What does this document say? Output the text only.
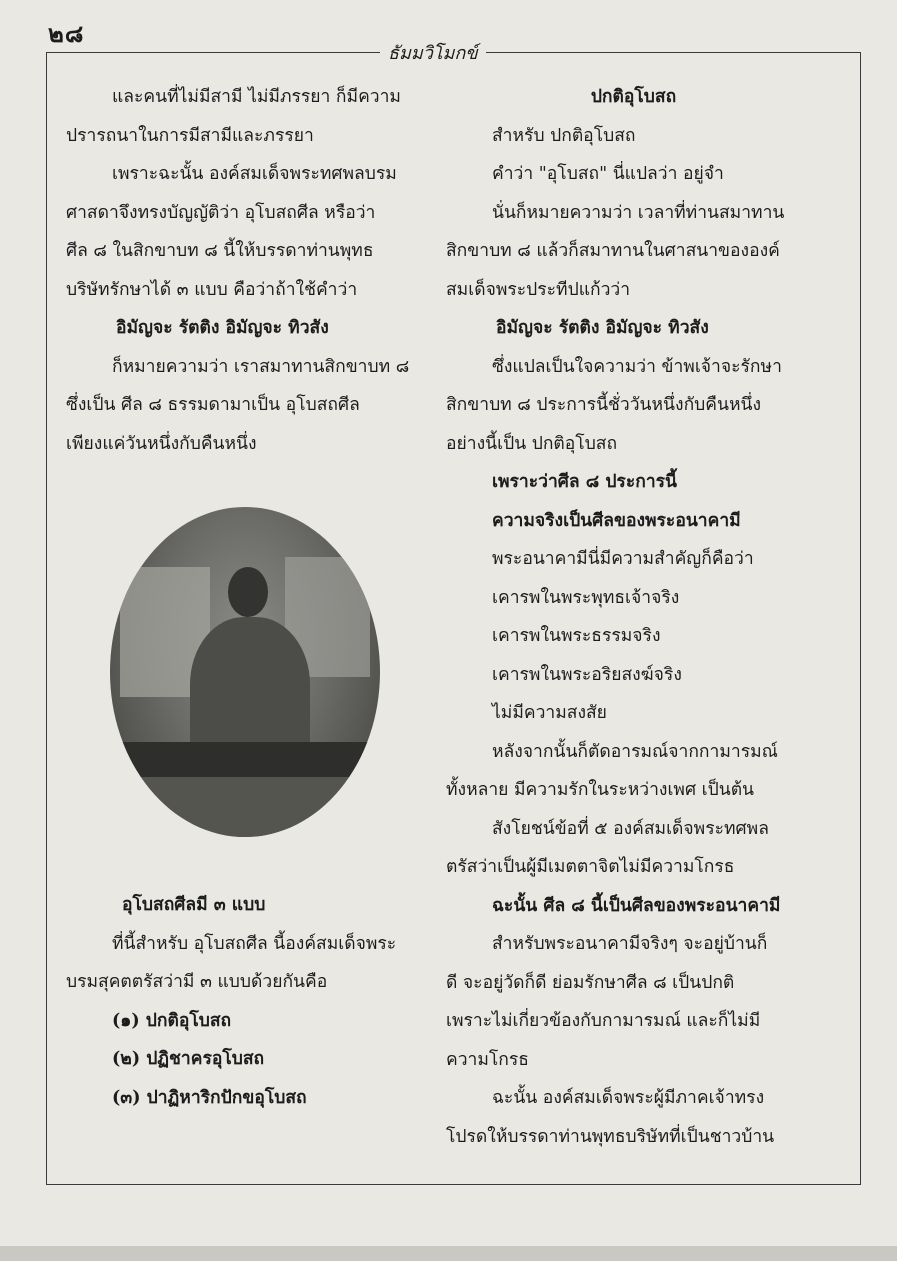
๒๘
ธัมมวิโมกข์
และคนที่ไม่มีสามี ไม่มีภรรยา ก็มีความ
ปรารถนาในการมีสามีและภรรยา
เพราะฉะนั้น องค์สมเด็จพระทศพลบรม
ศาสดาจึงทรงบัญญัติว่า อุโบสถศีล หรือว่า
ศีล ๘ ในสิกขาบท ๘ นี้ให้บรรดาท่านพุทธ
บริษัทรักษาได้ ๓ แบบ คือว่าถ้าใช้คำว่า
อิมัญจะ รัตติง อิมัญจะ ทิวสัง
ก็หมายความว่า เราสมาทานสิกขาบท ๘
ซึ่งเป็น ศีล ๘ ธรรมดามาเป็น อุโบสถศีล
เพียงแค่วันหนึ่งกับคืนหนึ่ง
อุโบสถศีลมี ๓ แบบ
ที่นี้สำหรับ อุโบสถศีล นี้องค์สมเด็จพระ
บรมสุคตตรัสว่ามี ๓ แบบด้วยกันคือ
(๑) ปกติอุโบสถ
(๒) ปฏิชาครอุโบสถ
(๓) ปาฏิหาริกปักขอุโบสถ
ปกติอุโบสถ
สำหรับ ปกติอุโบสถ
คำว่า "อุโบสถ" นี่แปลว่า อยู่จำ
นั่นก็หมายความว่า เวลาที่ท่านสมาทาน
สิกขาบท ๘ แล้วก็สมาทานในศาสนาขององค์
สมเด็จพระประทีปแก้วว่า
อิมัญจะ รัตติง อิมัญจะ ทิวสัง
ซึ่งแปลเป็นใจความว่า ข้าพเจ้าจะรักษา
สิกขาบท ๘ ประการนี้ชั่ววันหนึ่งกับคืนหนึ่ง
อย่างนี้เป็น ปกติอุโบสถ
เพราะว่าศีล ๘ ประการนี้
ความจริงเป็นศีลของพระอนาคามี
พระอนาคามีนี่มีความสำคัญก็คือว่า
เคารพในพระพุทธเจ้าจริง
เคารพในพระธรรมจริง
เคารพในพระอริยสงฆ์จริง
ไม่มีความสงสัย
หลังจากนั้นก็ตัดอารมณ์จากกามารมณ์
ทั้งหลาย มีความรักในระหว่างเพศ เป็นต้น
สังโยชน์ข้อที่ ๕ องค์สมเด็จพระทศพล
ตรัสว่าเป็นผู้มีเมตตาจิตไม่มีความโกรธ
ฉะนั้น ศีล ๘ นี้เป็นศีลของพระอนาคามี
สำหรับพระอนาคามีจริงๆ จะอยู่บ้านก็
ดี จะอยู่วัดก็ดี ย่อมรักษาศีล ๘ เป็นปกติ
เพราะไม่เกี่ยวข้องกับกามารมณ์ และก็ไม่มี
ความโกรธ
ฉะนั้น องค์สมเด็จพระผู้มีภาคเจ้าทรง
โปรดให้บรรดาท่านพุทธบริษัทที่เป็นชาวบ้าน
